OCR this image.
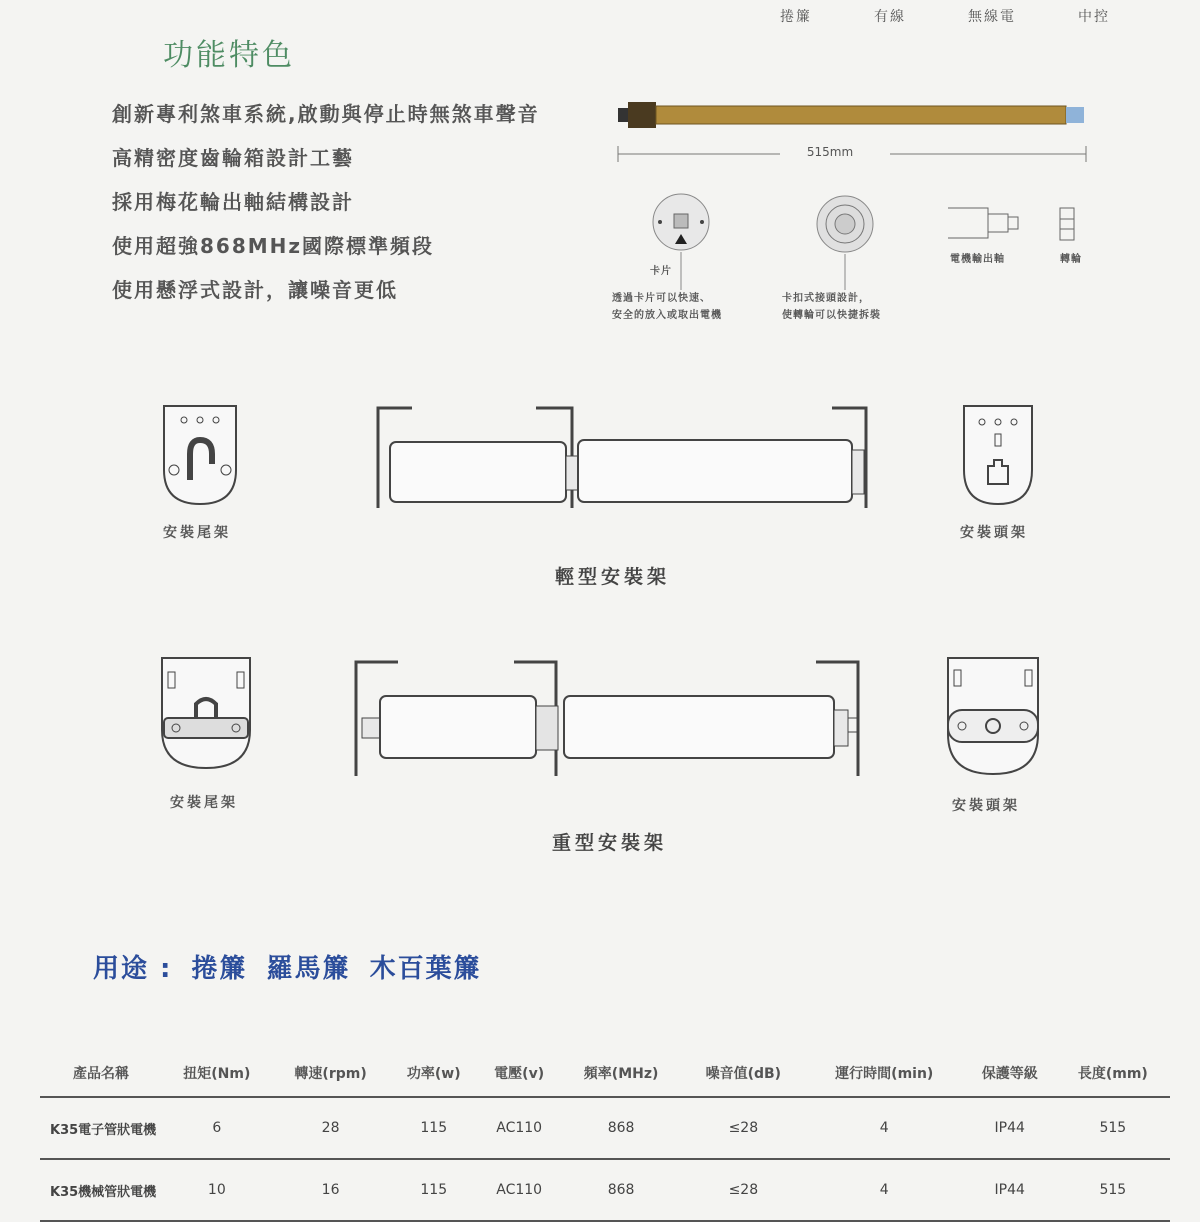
捲簾	有線	無線電	中控
功能特色
創新專利煞車系統,啟動與停止時無煞車聲音
高精密度齒輪箱設計工藝
採用梅花輪出軸結構設計
使用超強868MHz國際標準頻段
使用懸浮式設計，讓噪音更低
515mm
卡片
透過卡片可以快速、
安全的放入或取出電機
卡扣式接頭設計，
使轉輪可以快捷拆裝
電機輸出軸	轉輪
安裝尾架	安裝頭架
輕型安裝架
安裝尾架	安裝頭架
重型安裝架
用途 : 捲簾 羅馬簾 木百葉簾
產品名稱	扭矩(Nm)	轉速(rpm)	功率(w)	電壓(v)	頻率(MHz)	噪音值(dB)	運行時間(min)	保護等級	長度(mm)
K35電子管狀電機	6	28	115	AC110	868	≤28	4	IP44	515
K35機械管狀電機	10	16	115	AC110	868	≤28	4	IP44	515
